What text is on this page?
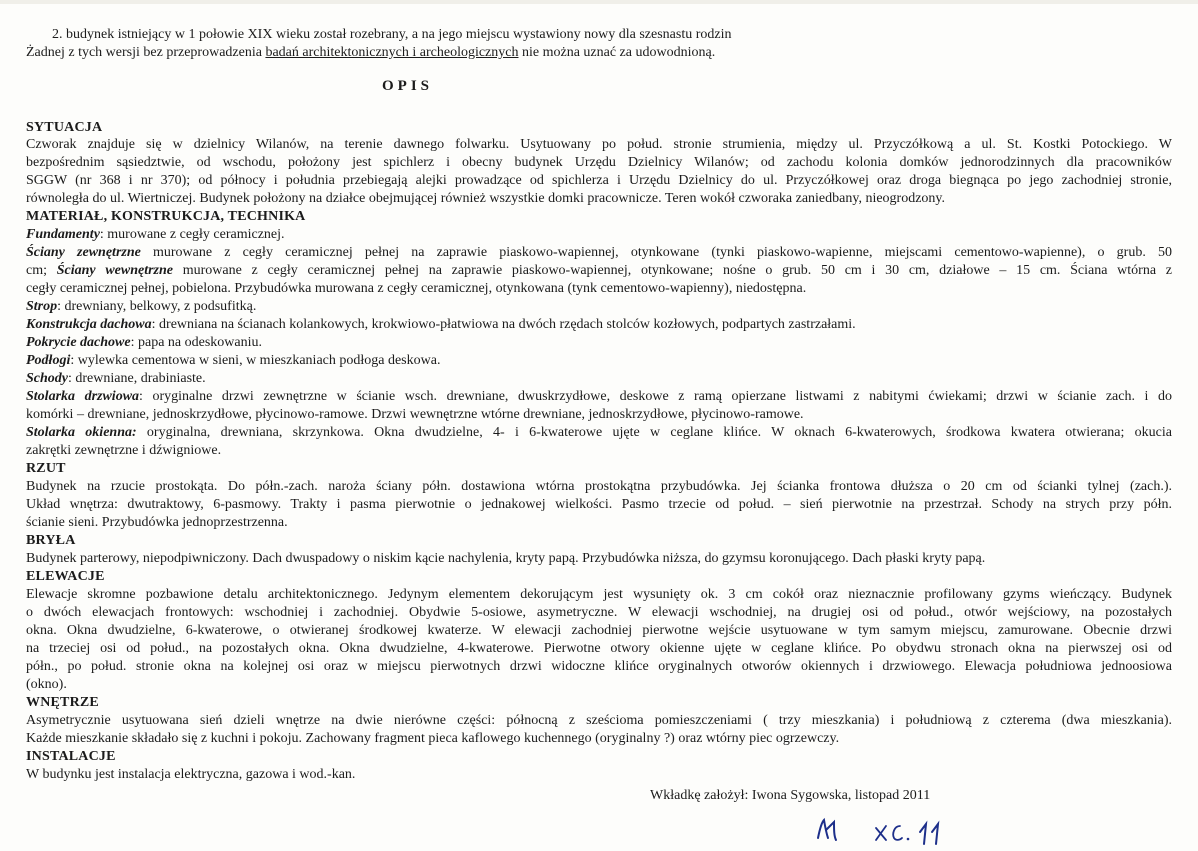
2. budynek istniejący w 1 połowie XIX wieku został rozebrany, a na jego miejscu wystawiony nowy dla szesnastu rodzin
Żadnej z tych wersji bez przeprowadzenia badań architektonicznych i archeologicznych nie można uznać za udowodnioną.
OPIS
SYTUACJA
Czworak znajduje się w dzielnicy Wilanów, na terenie dawnego folwarku. Usytuowany po połud. stronie strumienia, między ul. Przyczółkową a ul. St. Kostki Potockiego. W
bezpośrednim sąsiedztwie, od wschodu, położony jest spichlerz i obecny budynek Urzędu Dzielnicy Wilanów; od zachodu kolonia domków jednorodzinnych dla pracowników
SGGW (nr 368 i nr 370); od północy i południa przebiegają alejki prowadzące od spichlerza i Urzędu Dzielnicy do ul. Przyczółkowej oraz droga biegnąca po jego zachodniej stronie,
równoległa do ul. Wiertniczej. Budynek położony na działce obejmującej również wszystkie domki pracownicze. Teren wokół czworaka zaniedbany, nieogrodzony.
MATERIAŁ, KONSTRUKCJA, TECHNIKA
Fundamenty: murowane z cegły ceramicznej.
Ściany zewnętrzne murowane z cegły ceramicznej pełnej na zaprawie piaskowo-wapiennej, otynkowane (tynki piaskowo-wapienne, miejscami cementowo-wapienne), o grub. 50
cm; Ściany wewnętrzne murowane z cegły ceramicznej pełnej na zaprawie piaskowo-wapiennej, otynkowane; nośne o grub. 50 cm i 30 cm, działowe – 15 cm. Ściana wtórna z
cegły ceramicznej pełnej, pobielona. Przybudówka murowana z cegły ceramicznej, otynkowana (tynk cementowo-wapienny), niedostępna.
Strop: drewniany, belkowy, z podsufitką.
Konstrukcja dachowa: drewniana na ścianach kolankowych, krokwiowo-płatwiowa na dwóch rzędach stolców kozłowych, podpartych zastrzałami.
Pokrycie dachowe: papa na odeskowaniu.
Podłogi: wylewka cementowa w sieni, w mieszkaniach podłoga deskowa.
Schody: drewniane, drabiniaste.
Stolarka drzwiowa: oryginalne drzwi zewnętrzne w ścianie wsch. drewniane, dwuskrzydłowe, deskowe z ramą opierzane listwami z nabitymi ćwiekami; drzwi w ścianie zach. i do
komórki – drewniane, jednoskrzydłowe, płycinowo-ramowe. Drzwi wewnętrzne wtórne drewniane, jednoskrzydłowe, płycinowo-ramowe.
Stolarka okienna: oryginalna, drewniana, skrzynkowa. Okna dwudzielne, 4- i 6-kwaterowe ujęte w ceglane klińce. W oknach 6-kwaterowych, środkowa kwatera otwierana; okucia
zakrętki zewnętrzne i dźwigniowe.
RZUT
Budynek na rzucie prostokąta. Do półn.-zach. naroża ściany półn. dostawiona wtórna prostokątna przybudówka. Jej ścianka frontowa dłuższa o 20 cm od ścianki tylnej (zach.).
Układ wnętrza: dwutraktowy, 6-pasmowy. Trakty i pasma pierwotnie o jednakowej wielkości. Pasmo trzecie od połud. – sień pierwotnie na przestrzał. Schody na strych przy półn.
ścianie sieni. Przybudówka jednoprzestrzenna.
BRYŁA
Budynek parterowy, niepodpiwniczony. Dach dwuspadowy o niskim kącie nachylenia, kryty papą. Przybudówka niższa, do gzymsu koronującego. Dach płaski kryty papą.
ELEWACJE
Elewacje skromne pozbawione detalu architektonicznego. Jedynym elementem dekorującym jest wysunięty ok. 3 cm cokół oraz nieznacznie profilowany gzyms wieńczący. Budynek
o dwóch elewacjach frontowych: wschodniej i zachodniej. Obydwie 5-osiowe, asymetryczne. W elewacji wschodniej, na drugiej osi od połud., otwór wejściowy, na pozostałych
okna. Okna dwudzielne, 6-kwaterowe, o otwieranej środkowej kwaterze. W elewacji zachodniej pierwotne wejście usytuowane w tym samym miejscu, zamurowane. Obecnie drzwi
na trzeciej osi od połud., na pozostałych okna. Okna dwudzielne, 4-kwaterowe. Pierwotne otwory okienne ujęte w ceglane klińce. Po obydwu stronach okna na pierwszej osi od
półn., po połud. stronie okna na kolejnej osi oraz w miejscu pierwotnych drzwi widoczne klińce oryginalnych otworów okiennych i drzwiowego. Elewacja południowa jednoosiowa
(okno).
WNĘTRZE
Asymetrycznie usytuowana sień dzieli wnętrze na dwie nierówne części: północną z sześcioma pomieszczeniami ( trzy mieszkania) i południową z czterema (dwa mieszkania).
Każde mieszkanie składało się z kuchni i pokoju. Zachowany fragment pieca kaflowego kuchennego (oryginalny ?) oraz wtórny piec ogrzewczy.
INSTALACJE
W budynku jest instalacja elektryczna, gazowa i wod.-kan.
Wkładkę założył: Iwona Sygowska, listopad 2011
